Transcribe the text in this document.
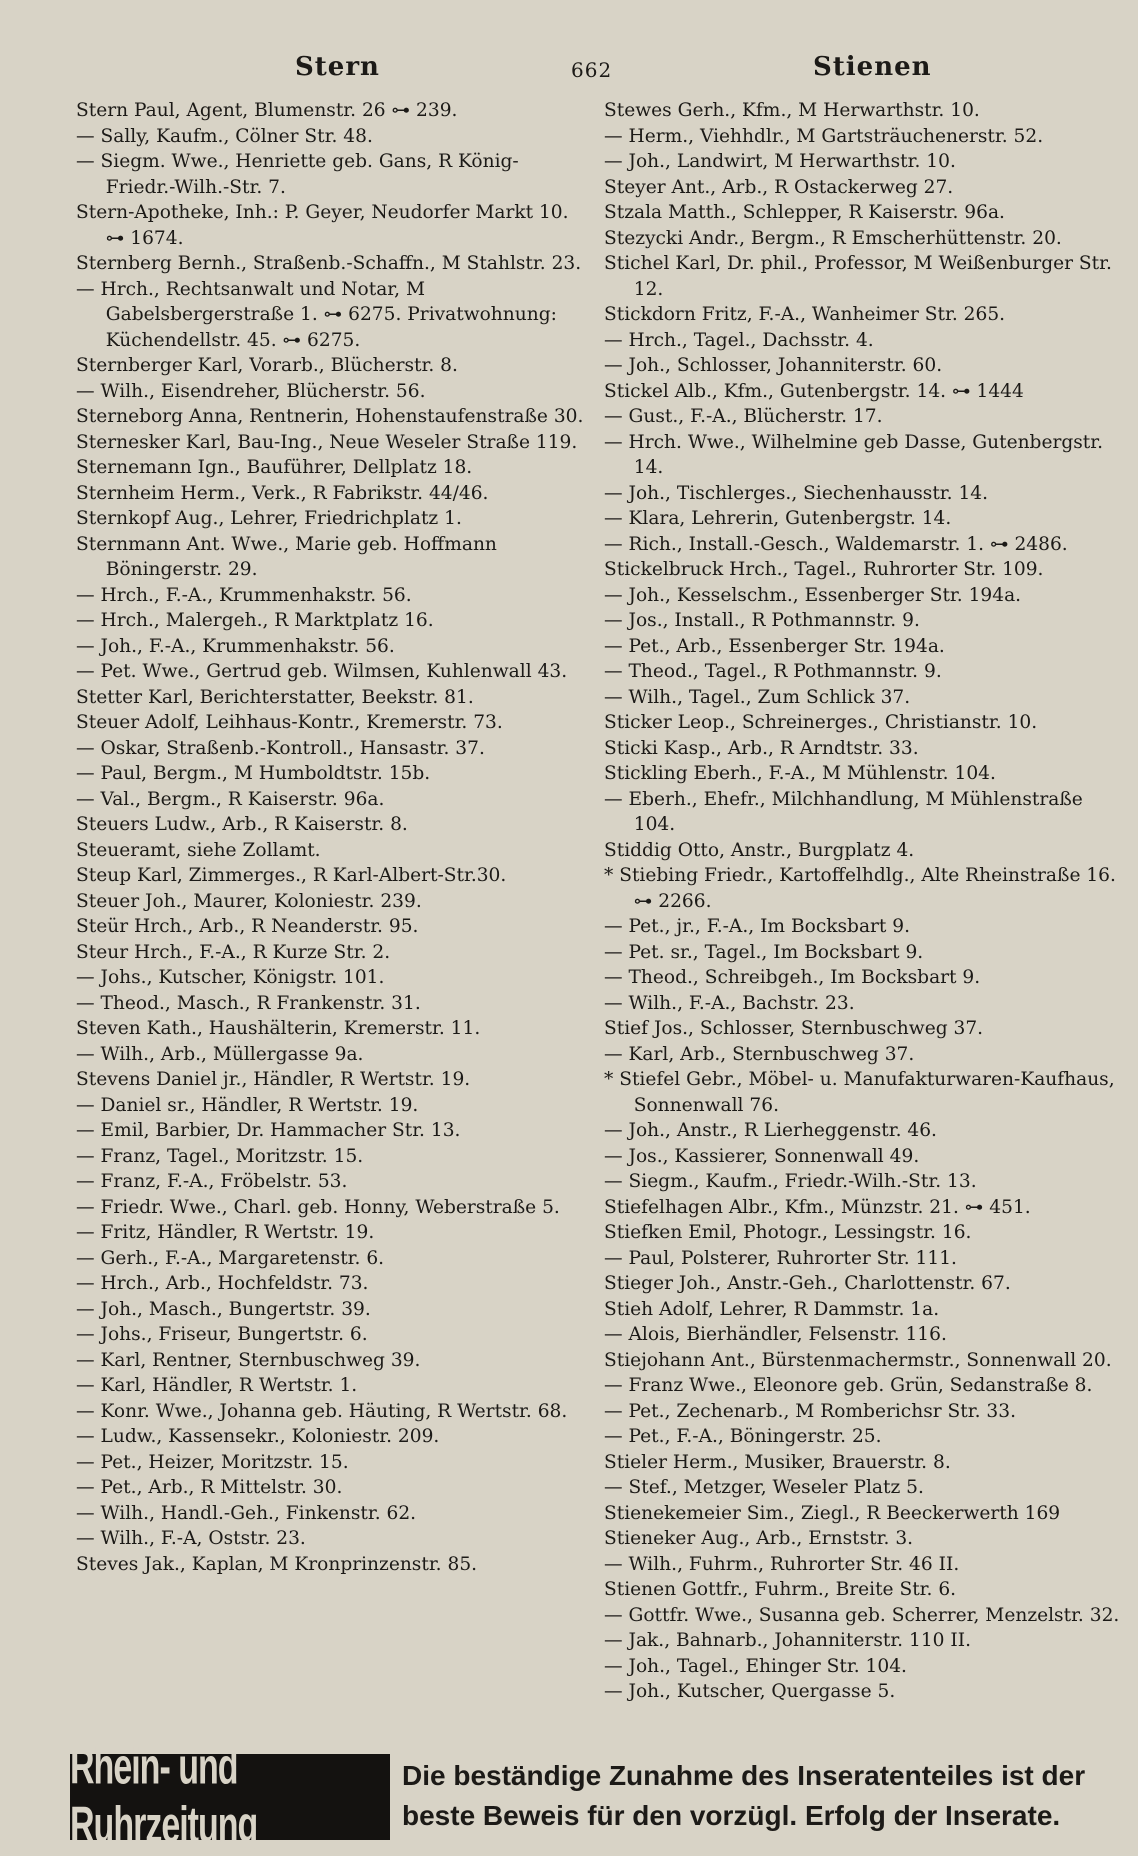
Stern	662	Stienen
Stern Paul, Agent, Blumenstr. 26 ⊶ 239.
— Sally, Kaufm., Cölner Str. 48.
— Siegm. Wwe., Henriette geb. Gans, R König-Friedr.-Wilh.-Str. 7.
Stern-Apotheke, Inh.: P. Geyer, Neudorfer Markt 10. ⊶ 1674.
Sternberg Bernh., Straßenb.-Schaffn., M Stahlstr. 23.
— Hrch., Rechtsanwalt und Notar, M Gabelsbergerstraße 1. ⊶ 6275. Privatwohnung: Küchendellstr. 45. ⊶ 6275.
Sternberger Karl, Vorarb., Blücherstr. 8.
— Wilh., Eisendreher, Blücherstr. 56.
Sterneborg Anna, Rentnerin, Hohenstaufenstraße 30.
Sternesker Karl, Bau-Ing., Neue Weseler Straße 119.
Sternemann Ign., Bauführer, Dellplatz 18.
Sternheim Herm., Verk., R Fabrikstr. 44/46.
Sternkopf Aug., Lehrer, Friedrichplatz 1.
Sternmann Ant. Wwe., Marie geb. Hoffmann Böningerstr. 29.
— Hrch., F.-A., Krummenhakstr. 56.
— Hrch., Malergeh., R Marktplatz 16.
— Joh., F.-A., Krummenhakstr. 56.
— Pet. Wwe., Gertrud geb. Wilmsen, Kuhlenwall 43.
Stetter Karl, Berichterstatter, Beekstr. 81.
Steuer Adolf, Leihhaus-Kontr., Kremerstr. 73.
— Oskar, Straßenb.-Kontroll., Hansastr. 37.
— Paul, Bergm., M Humboldtstr. 15b.
— Val., Bergm., R Kaiserstr. 96a.
Steuers Ludw., Arb., R Kaiserstr. 8.
Steueramt, siehe Zollamt.
Steup Karl, Zimmerges., R Karl-Albert-Str.30.
Steuer Joh., Maurer, Koloniestr. 239.
Steür Hrch., Arb., R Neanderstr. 95.
Steur Hrch., F.-A., R Kurze Str. 2.
— Johs., Kutscher, Königstr. 101.
— Theod., Masch., R Frankenstr. 31.
Steven Kath., Haushälterin, Kremerstr. 11.
— Wilh., Arb., Müllergasse 9a.
Stevens Daniel jr., Händler, R Wertstr. 19.
— Daniel sr., Händler, R Wertstr. 19.
— Emil, Barbier, Dr. Hammacher Str. 13.
— Franz, Tagel., Moritzstr. 15.
— Franz, F.-A., Fröbelstr. 53.
— Friedr. Wwe., Charl. geb. Honny, Weberstraße 5.
— Fritz, Händler, R Wertstr. 19.
— Gerh., F.-A., Margaretenstr. 6.
— Hrch., Arb., Hochfeldstr. 73.
— Joh., Masch., Bungertstr. 39.
— Johs., Friseur, Bungertstr. 6.
— Karl, Rentner, Sternbuschweg 39.
— Karl, Händler, R Wertstr. 1.
— Konr. Wwe., Johanna geb. Häuting, R Wertstr. 68.
— Ludw., Kassensekr., Koloniestr. 209.
— Pet., Heizer, Moritzstr. 15.
— Pet., Arb., R Mittelstr. 30.
— Wilh., Handl.-Geh., Finkenstr. 62.
— Wilh., F.-A, Oststr. 23.
Steves Jak., Kaplan, M Kronprinzenstr. 85.
Stewes Gerh., Kfm., M Herwarthstr. 10.
— Herm., Viehhdlr., M Gartsträuchenerstr. 52.
— Joh., Landwirt, M Herwarthstr. 10.
Steyer Ant., Arb., R Ostackerweg 27.
Stzala Matth., Schlepper, R Kaiserstr. 96a.
Stezycki Andr., Bergm., R Emscherhüttenstr. 20.
Stichel Karl, Dr. phil., Professor, M Weißenburger Str. 12.
Stickdorn Fritz, F.-A., Wanheimer Str. 265.
— Hrch., Tagel., Dachsstr. 4.
— Joh., Schlosser, Johanniterstr. 60.
Stickel Alb., Kfm., Gutenbergstr. 14. ⊶ 1444
— Gust., F.-A., Blücherstr. 17.
— Hrch. Wwe., Wilhelmine geb Dasse, Gutenbergstr. 14.
— Joh., Tischlerges., Siechenhausstr. 14.
— Klara, Lehrerin, Gutenbergstr. 14.
— Rich., Install.-Gesch., Waldemarstr. 1. ⊶ 2486.
Stickelbruck Hrch., Tagel., Ruhrorter Str. 109.
— Joh., Kesselschm., Essenberger Str. 194a.
— Jos., Install., R Pothmannstr. 9.
— Pet., Arb., Essenberger Str. 194a.
— Theod., Tagel., R Pothmannstr. 9.
— Wilh., Tagel., Zum Schlick 37.
Sticker Leop., Schreinerges., Christianstr. 10.
Sticki Kasp., Arb., R Arndtstr. 33.
Stickling Eberh., F.-A., M Mühlenstr. 104.
— Eberh., Ehefr., Milchhandlung, M Mühlenstraße 104.
Stiddig Otto, Anstr., Burgplatz 4.
* Stiebing Friedr., Kartoffelhdlg., Alte Rheinstraße 16. ⊶ 2266.
— Pet., jr., F.-A., Im Bocksbart 9.
— Pet. sr., Tagel., Im Bocksbart 9.
— Theod., Schreibgeh., Im Bocksbart 9.
— Wilh., F.-A., Bachstr. 23.
Stief Jos., Schlosser, Sternbuschweg 37.
— Karl, Arb., Sternbuschweg 37.
* Stiefel Gebr., Möbel- u. Manufakturwaren-Kaufhaus, Sonnenwall 76.
— Joh., Anstr., R Lierheggenstr. 46.
— Jos., Kassierer, Sonnenwall 49.
— Siegm., Kaufm., Friedr.-Wilh.-Str. 13.
Stiefelhagen Albr., Kfm., Münzstr. 21. ⊶ 451.
Stiefken Emil, Photogr., Lessingstr. 16.
— Paul, Polsterer, Ruhrorter Str. 111.
Stieger Joh., Anstr.-Geh., Charlottenstr. 67.
Stieh Adolf, Lehrer, R Dammstr. 1a.
— Alois, Bierhändler, Felsenstr. 116.
Stiejohann Ant., Bürstenmachermstr., Sonnenwall 20.
— Franz Wwe., Eleonore geb. Grün, Sedanstraße 8.
— Pet., Zechenarb., M Romberichsr Str. 33.
— Pet., F.-A., Böningerstr. 25.
Stieler Herm., Musiker, Brauerstr. 8.
— Stef., Metzger, Weseler Platz 5.
Stienekemeier Sim., Ziegl., R Beeckerwerth 169
Stieneker Aug., Arb., Ernststr. 3.
— Wilh., Fuhrm., Ruhrorter Str. 46 II.
Stienen Gottfr., Fuhrm., Breite Str. 6.
— Gottfr. Wwe., Susanna geb. Scherrer, Menzelstr. 32.
— Jak., Bahnarb., Johanniterstr. 110 II.
— Joh., Tagel., Ehinger Str. 104.
— Joh., Kutscher, Quergasse 5.
Rhein- und Ruhrzeitung
Die beständige Zunahme des Inseratenteiles ist der
beste Beweis für den vorzügl. Erfolg der Inserate.
